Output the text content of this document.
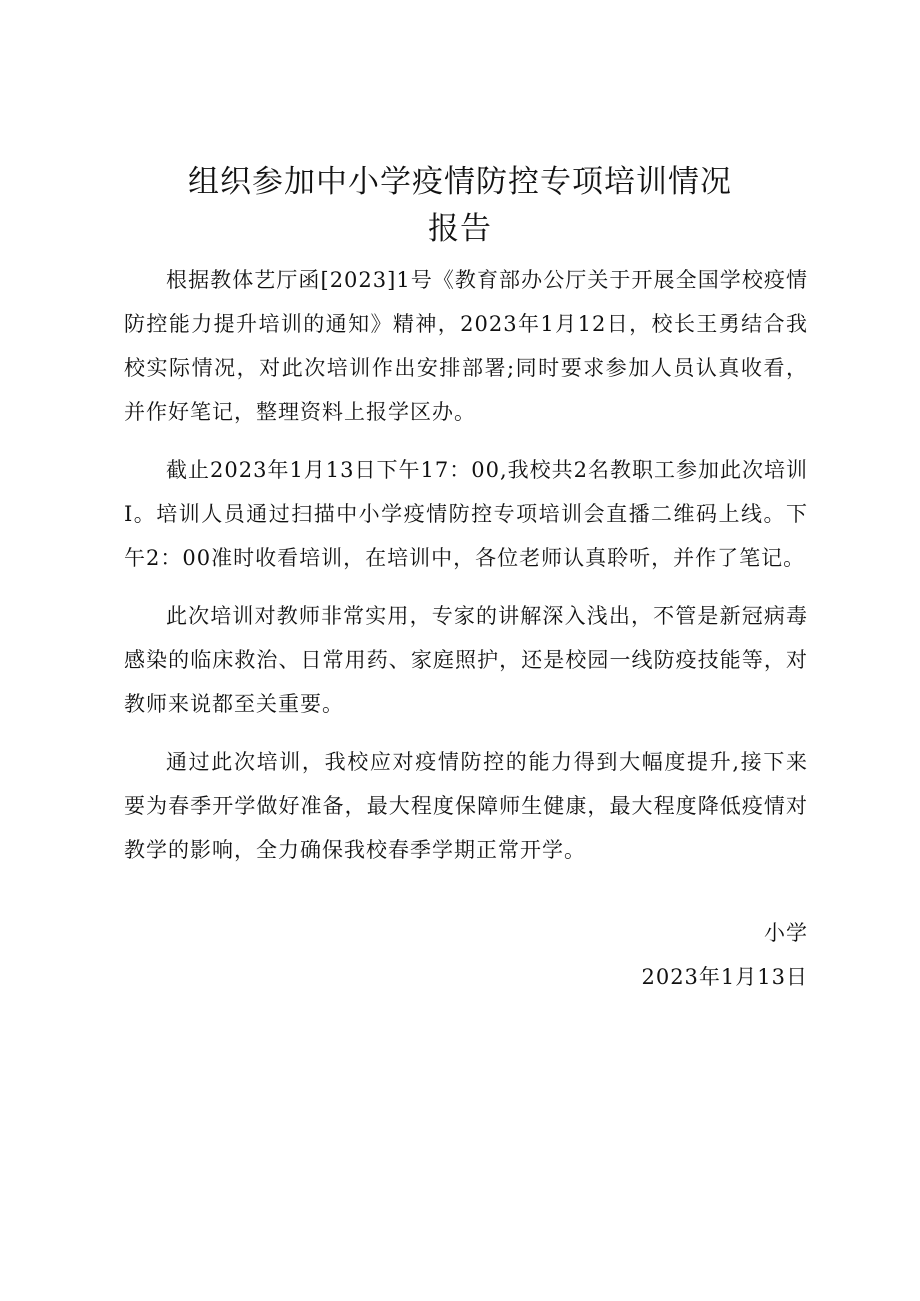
组织参加中小学疫情防控专项培训情况
报告

根据教体艺厅函[2023]1号《教育部办公厅关于开展全国学校疫情防控能力提升培训的通知》精神，2023年1月12日，校长王勇结合我校实际情况，对此次培训作出安排部署;同时要求参加人员认真收看，并作好笔记，整理资料上报学区办。

截止2023年1月13日下午17：00,我校共2名教职工参加此次培训I。培训人员通过扫描中小学疫情防控专项培训会直播二维码上线。下午2：00准时收看培训，在培训中，各位老师认真聆听，并作了笔记。

此次培训对教师非常实用，专家的讲解深入浅出，不管是新冠病毒感染的临床救治、日常用药、家庭照护，还是校园一线防疫技能等，对教师来说都至关重要。

通过此次培训，我校应对疫情防控的能力得到大幅度提升,接下来要为春季开学做好准备，最大程度保障师生健康，最大程度降低疫情对教学的影响，全力确保我校春季学期正常开学。

小学
2023年1月13日
